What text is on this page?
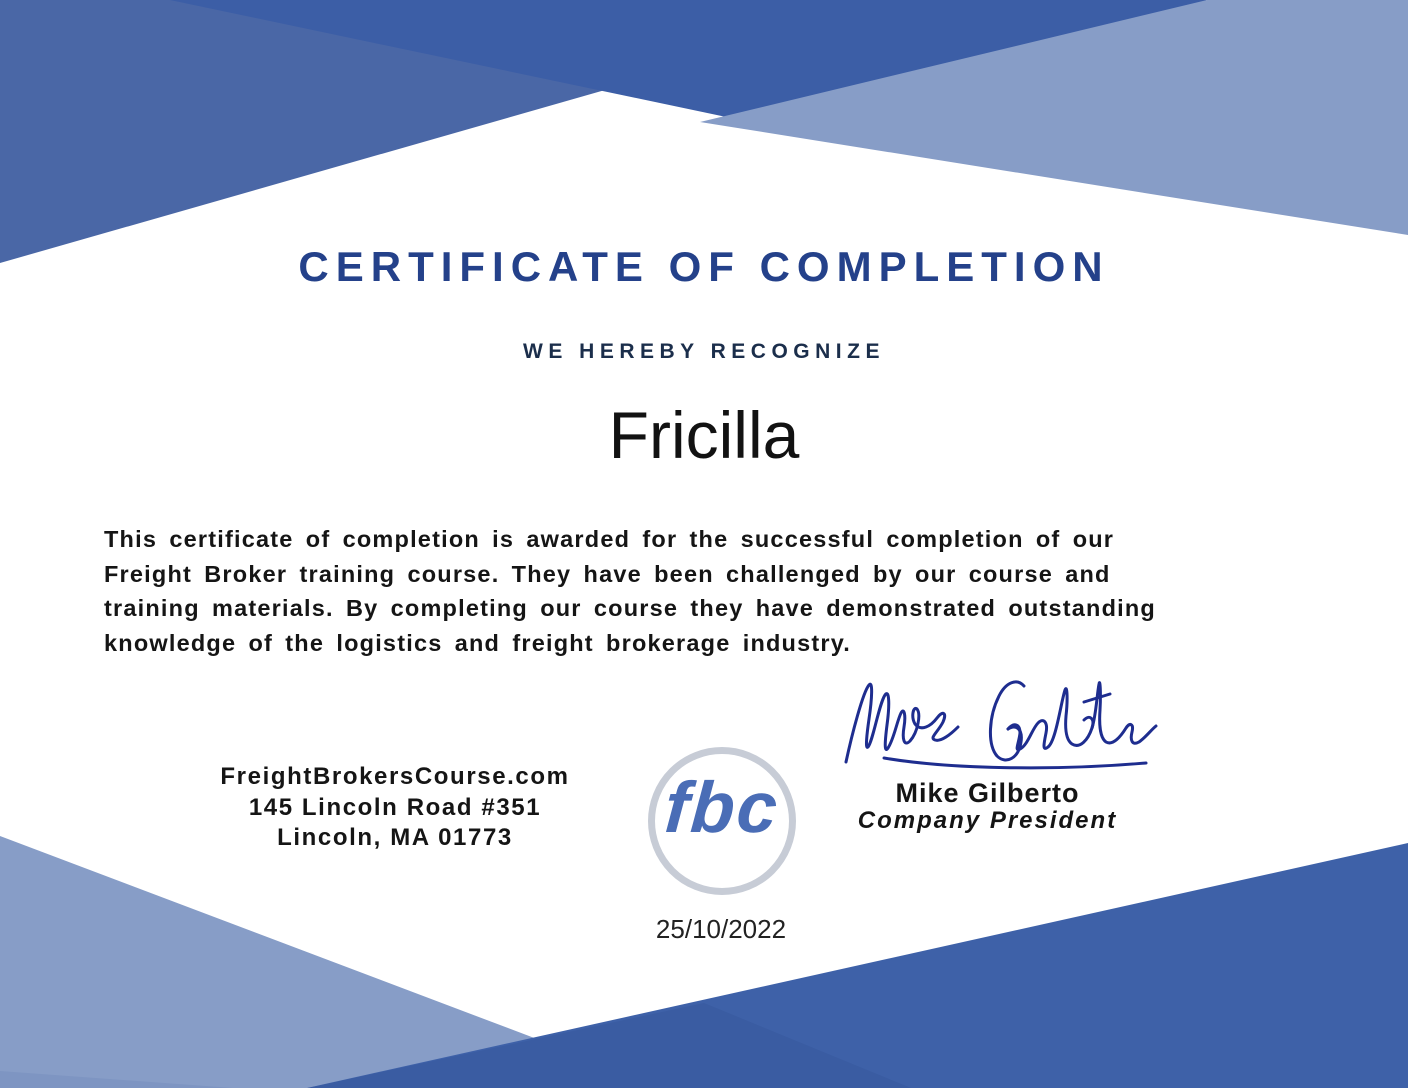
CERTIFICATE OF COMPLETION
WE HEREBY RECOGNIZE
Fricilla
This certificate of completion is awarded for the successful completion of our
Freight Broker training course. They have been challenged by our course and
training materials. By completing our course they have demonstrated outstanding
knowledge of the logistics and freight brokerage industry.
FreightBrokersCourse.com
145 Lincoln Road #351
Lincoln, MA 01773	fbc	Mike Gilberto
Company President
25/10/2022
